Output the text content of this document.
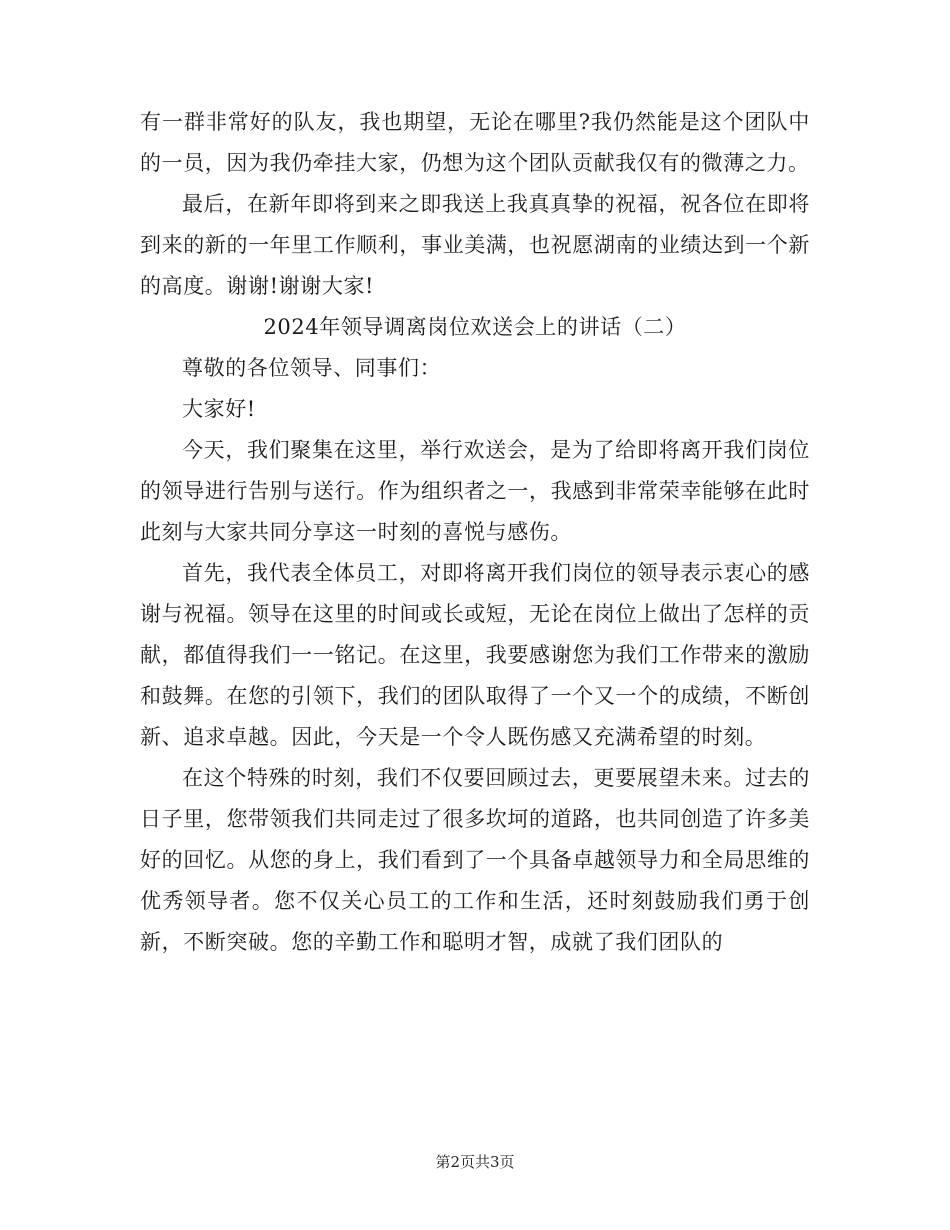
有一群非常好的队友，我也期望，无论在哪里?我仍然能是这个团队中的一员，因为我仍牵挂大家，仍想为这个团队贡献我仅有的微薄之力。

最后，在新年即将到来之即我送上我真真挚的祝福，祝各位在即将到来的新的一年里工作顺利，事业美满，也祝愿湖南的业绩达到一个新的高度。谢谢!谢谢大家!

2024年领导调离岗位欢送会上的讲话（二）

尊敬的各位领导、同事们：

大家好!

今天，我们聚集在这里，举行欢送会，是为了给即将离开我们岗位的领导进行告别与送行。作为组织者之一，我感到非常荣幸能够在此时此刻与大家共同分享这一时刻的喜悦与感伤。

首先，我代表全体员工，对即将离开我们岗位的领导表示衷心的感谢与祝福。领导在这里的时间或长或短，无论在岗位上做出了怎样的贡献，都值得我们一一铭记。在这里，我要感谢您为我们工作带来的激励和鼓舞。在您的引领下，我们的团队取得了一个又一个的成绩，不断创新、追求卓越。因此，今天是一个令人既伤感又充满希望的时刻。

在这个特殊的时刻，我们不仅要回顾过去，更要展望未来。过去的日子里，您带领我们共同走过了很多坎坷的道路，也共同创造了许多美好的回忆。从您的身上，我们看到了一个具备卓越领导力和全局思维的优秀领导者。您不仅关心员工的工作和生活，还时刻鼓励我们勇于创新，不断突破。您的辛勤工作和聪明才智，成就了我们团队的

第2页共3页
